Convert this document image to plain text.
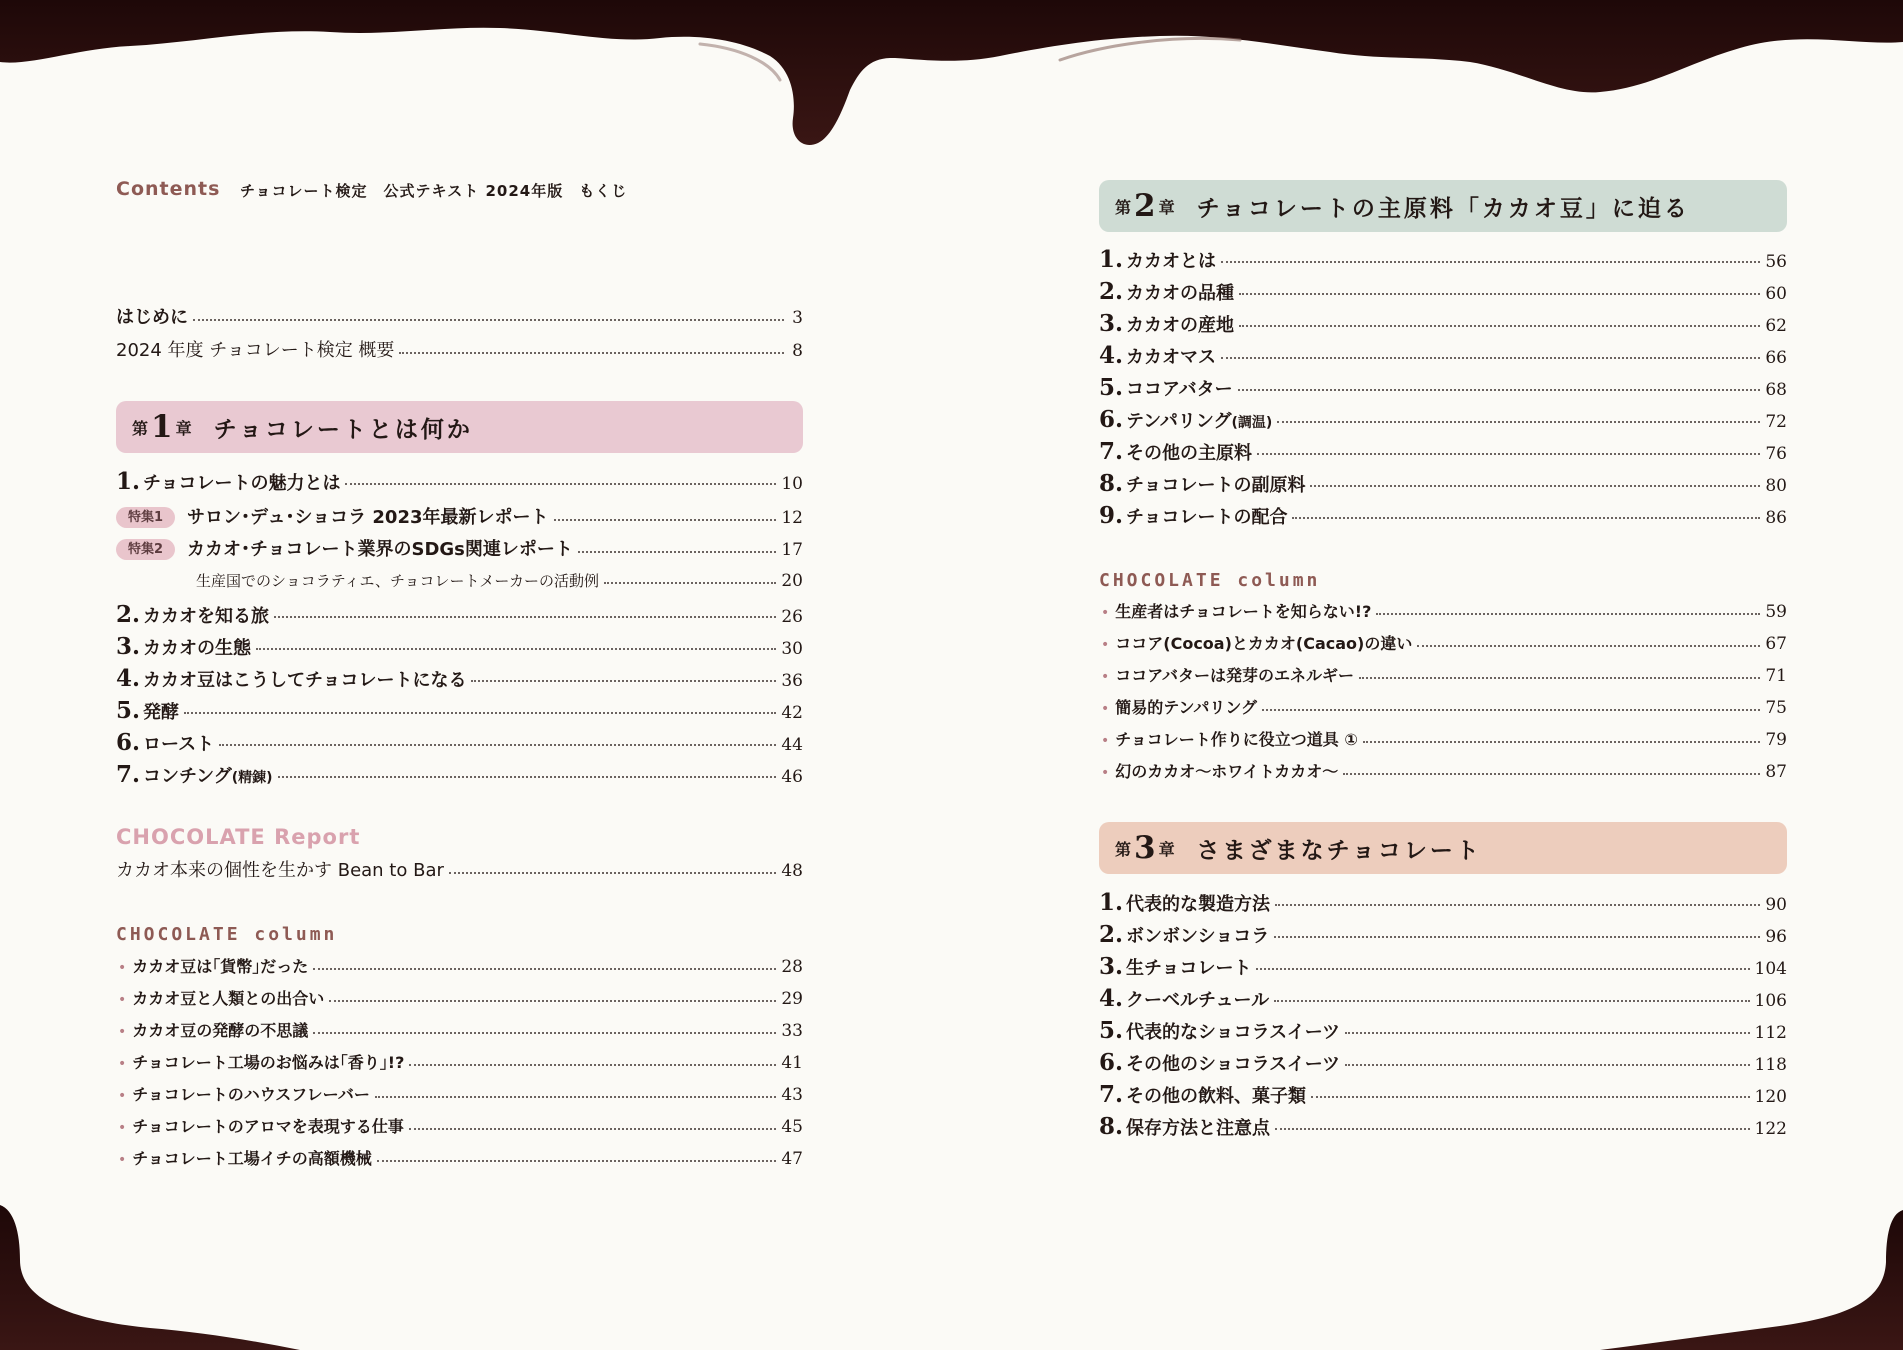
Contents チョコレート検定　公式テキスト 2024年版　もくじ
はじめに	3
2024 年度 チョコレート検定 概要	8
第 1 章 チョコレートとは何か
1. チョコレートの魅力とは	10
特集1	サロン･デュ･ショコラ 2023年最新レポート	12
特集2	カカオ･チョコレート業界のSDGs関連レポート	17
生産国でのショコラティエ、チョコレートメーカーの活動例	20
2. カカオを知る旅	26
3. カカオの生態	30
4. カカオ豆はこうしてチョコレートになる	36
5. 発酵	42
6. ロースト	44
7. コンチング (精錬)	46
CHOCOLATE Report
カカオ本来の個性を生かす Bean to Bar	48
CHOCOLATE column
• カカオ豆は｢貨幣｣だった	28
• カカオ豆と人類との出合い	29
• カカオ豆の発酵の不思議	33
• チョコレート工場のお悩みは｢香り｣!?	41
• チョコレートのハウスフレーバー	43
• チョコレートのアロマを表現する仕事	45
• チョコレート工場イチの高額機械	47
第 2 章 チョコレートの主原料「カカオ豆」に迫る
1. カカオとは	56
2. カカオの品種	60
3. カカオの産地	62
4. カカオマス	66
5. ココアバター	68
6. テンパリング (調温)	72
7. その他の主原料	76
8. チョコレートの副原料	80
9. チョコレートの配合	86
CHOCOLATE column
• 生産者はチョコレートを知らない!?	59
• ココア(Cocoa)とカカオ(Cacao)の違い	67
• ココアバターは発芽のエネルギー	71
• 簡易的テンパリング	75
• チョコレート作りに役立つ道具 ①	79
• 幻のカカオ～ホワイトカカオ～	87
第 3 章 さまざまなチョコレート
1. 代表的な製造方法	90
2. ボンボンショコラ	96
3. 生チョコレート	104
4. クーベルチュール	106
5. 代表的なショコラスイーツ	112
6. その他のショコラスイーツ	118
7. その他の飲料、菓子類	120
8. 保存方法と注意点	122
